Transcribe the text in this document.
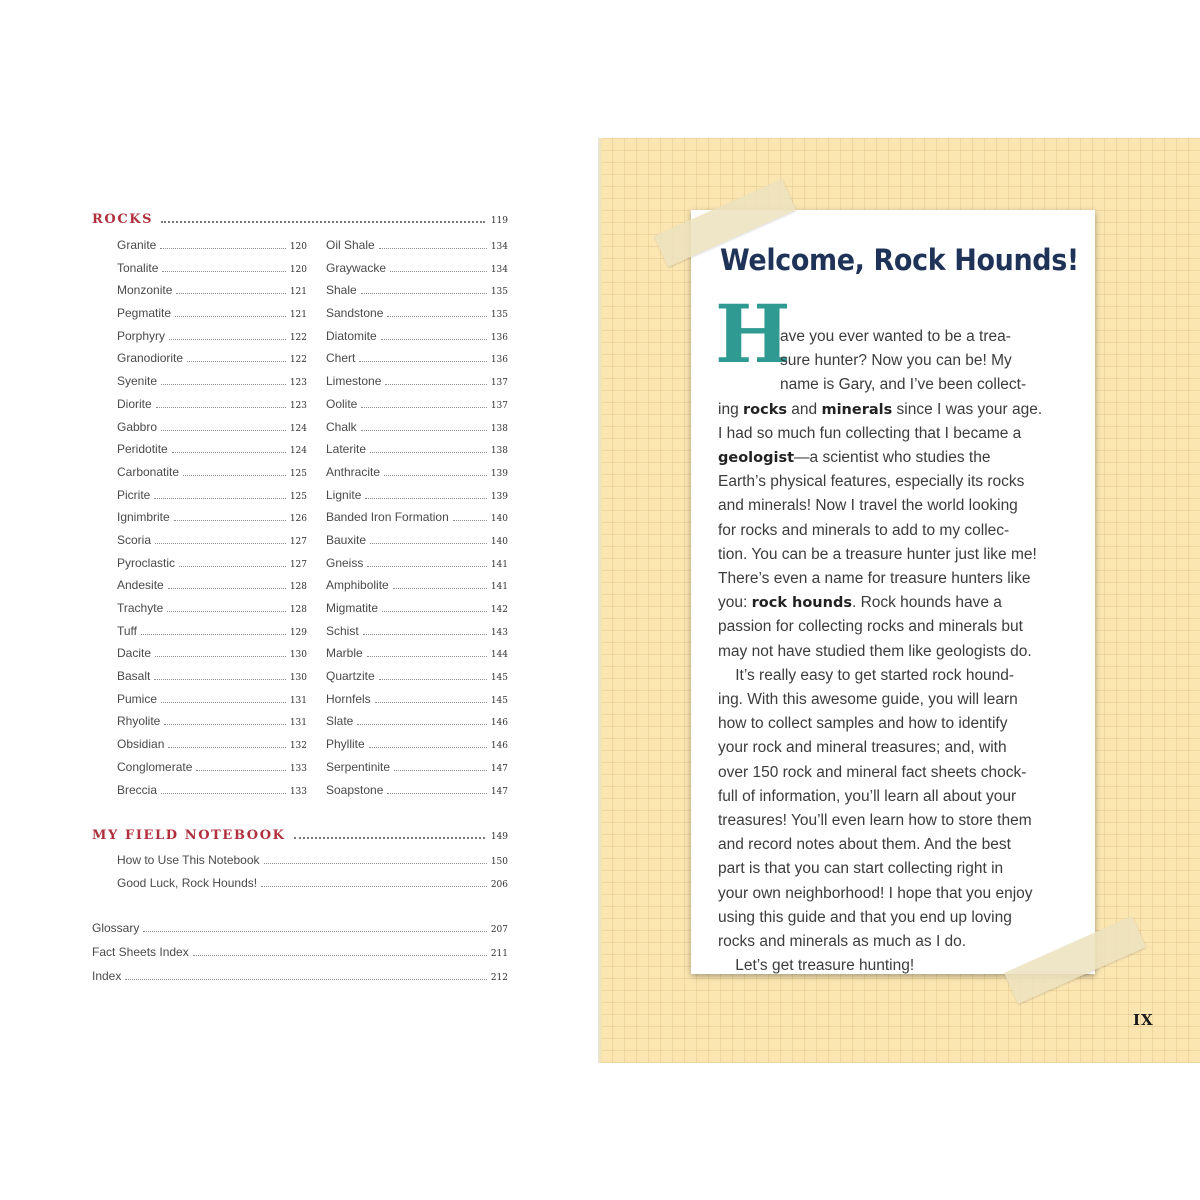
ROCKS	119
Granite	120
Tonalite	120
Monzonite	121
Pegmatite	121
Porphyry	122
Granodiorite	122
Syenite	123
Diorite	123
Gabbro	124
Peridotite	124
Carbonatite	125
Picrite	125
Ignimbrite	126
Scoria	127
Pyroclastic	127
Andesite	128
Trachyte	128
Tuff	129
Dacite	130
Basalt	130
Pumice	131
Rhyolite	131
Obsidian	132
Conglomerate	133
Breccia	133
Oil Shale	134
Graywacke	134
Shale	135
Sandstone	135
Diatomite	136
Chert	136
Limestone	137
Oolite	137
Chalk	138
Laterite	138
Anthracite	139
Lignite	139
Banded Iron Formation	140
Bauxite	140
Gneiss	141
Amphibolite	141
Migmatite	142
Schist	143
Marble	144
Quartzite	145
Hornfels	145
Slate	146
Phyllite	146
Serpentinite	147
Soapstone	147
MY FIELD NOTEBOOK	149
How to Use This Notebook	150
Good Luck, Rock Hounds!	206
Glossary	207
Fact Sheets Index	211
Index	212
Welcome, Rock Hounds!
H
ave you ever wanted to be a trea-
sure hunter? Now you can be! My
name is Gary, and I’ve been collect-
ing rocks and minerals since I was your age.
I had so much fun collecting that I became a
geologist—a scientist who studies the
Earth’s physical features, especially its rocks
and minerals! Now I travel the world looking
for rocks and minerals to add to my collec-
tion. You can be a treasure hunter just like me!
There’s even a name for treasure hunters like
you: rock hounds. Rock hounds have a
passion for collecting rocks and minerals but
may not have studied them like geologists do.
It’s really easy to get started rock hound-
ing. With this awesome guide, you will learn
how to collect samples and how to identify
your rock and mineral treasures; and, with
over 150 rock and mineral fact sheets chock-
full of information, you’ll learn all about your
treasures! You’ll even learn how to store them
and record notes about them. And the best
part is that you can start collecting right in
your own neighborhood! I hope that you enjoy
using this guide and that you end up loving
rocks and minerals as much as I do.
Let’s get treasure hunting!
IX
